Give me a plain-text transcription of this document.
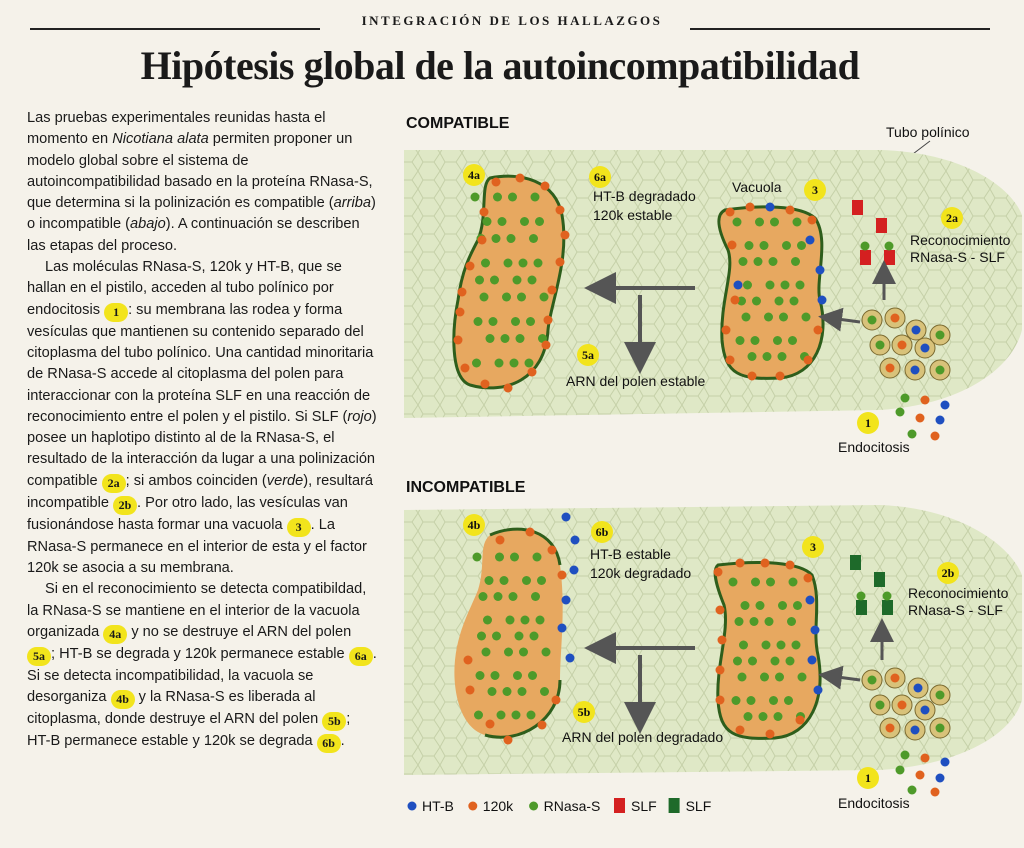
INTEGRACIÓN DE LOS HALLAZGOS
Hipótesis global de la autoincompatibilidad

Las pruebas experimentales reunidas hasta el momento en Nicotiana alata permiten proponer un modelo global sobre el sistema de autoincompatibilidad basado en la proteína RNasa-S, que determina si la polinización es compatible (arriba) o incompatible (abajo). A continuación se describen las etapas del proceso.

Las moléculas RNasa-S, 120k y HT-B, que se hallan en el pistilo, acceden al tubo polínico por endocitosis 1 : su membrana las rodea y forma vesículas que mantienen su contenido separado del citoplasma del tubo polínico. Una cantidad minoritaria de RNasa-S accede al citoplasma del polen para interaccionar con la proteína SLF en una reacción de reconocimiento entre el polen y el pistilo. Si SLF (rojo) posee un haplotipo distinto al de la RNasa-S, el resultado de la interacción da lugar a una polinización compatible 2a ; si ambos coinciden (verde), resultará incompatible 2b . Por otro lado, las vesículas van fusionándose hasta formar una vacuola 3 . La RNasa-S permanece en el interior de esta y el factor 120k se asocia a su membrana.

Si en el reconocimiento se detecta compatibildad, la RNasa-S se mantiene en el interior de la vacuola organizada 4a y no se destruye el ARN del polen 5a ; HT-B se degrada y 120k permanece estable 6a . Si se detecta incompatibilidad, la vacuola se desorganiza 4b y la RNasa-S es liberada al citoplasma, donde destruye el ARN del polen 5b ; HT-B permanece estable y 120k se degrada 6b .

COMPATIBLE	Tubo polínico
HT-B degradado
120k estable
Vacuola
Reconocimiento
RNasa-S - SLF
ARN del polen estable
Endocitosis
4a	6a
3
2a
5a
1
INCOMPATIBLE
HT-B estable
120k degradado
Reconocimiento
RNasa-S - SLF
ARN del polen degradado
Endocitosis
4b	6b
3
2b
5b
1
HT-B 120k RNasa-S SLF SLF
